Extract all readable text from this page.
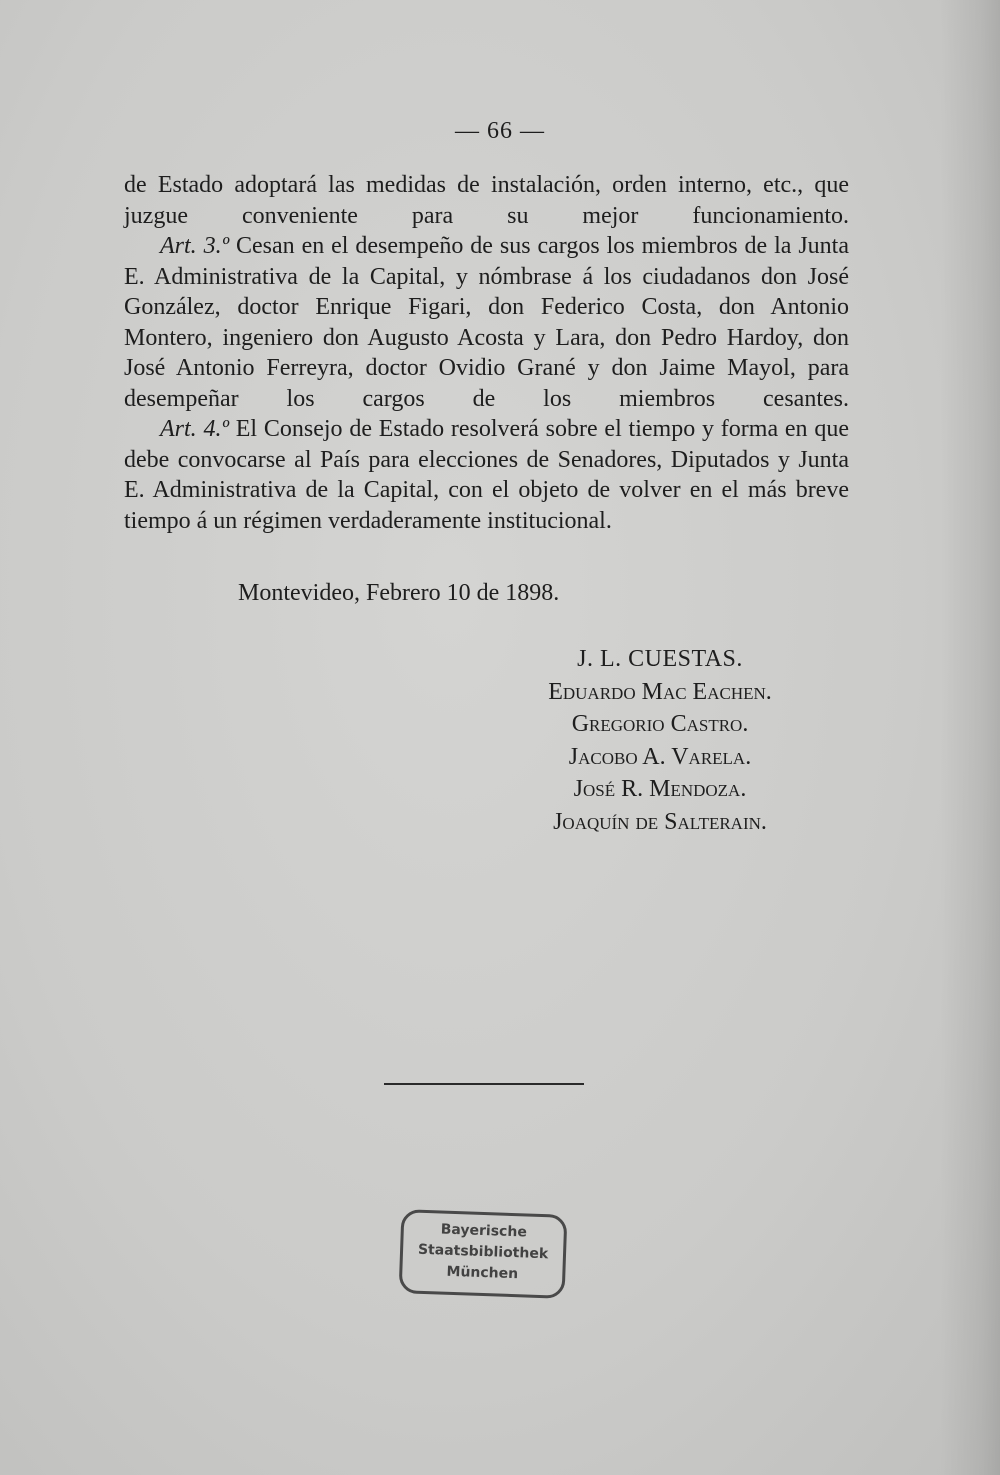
— 66 —

de Estado adoptará las medidas de instalación, orden interno, etc., que juzgue conveniente para su mejor funcionamiento.

Art. 3.º Cesan en el desempeño de sus cargos los miembros de la Junta E. Administrativa de la Capital, y nómbrase á los ciudadanos don José González, doctor Enrique Figari, don Federico Costa, don Antonio Montero, ingeniero don Augusto Acosta y Lara, don Pedro Hardoy, don José Antonio Ferreyra, doctor Ovidio Grané y don Jaime Mayol, para desempeñar los cargos de los miembros cesantes.

Art. 4.º El Consejo de Estado resolverá sobre el tiempo y forma en que debe convocarse al País para elecciones de Senadores, Diputados y Junta E. Administrativa de la Capital, con el objeto de volver en el más breve tiempo á un régimen verdaderamente institucional.

Montevideo, Febrero 10 de 1898.
J. L. CUESTAS.
Eduardo Mac Eachen.
Gregorio Castro.
Jacobo A. Varela.
José R. Mendoza.
Joaquín de Salterain.
Bayerische
Staatsbibliothek
München
